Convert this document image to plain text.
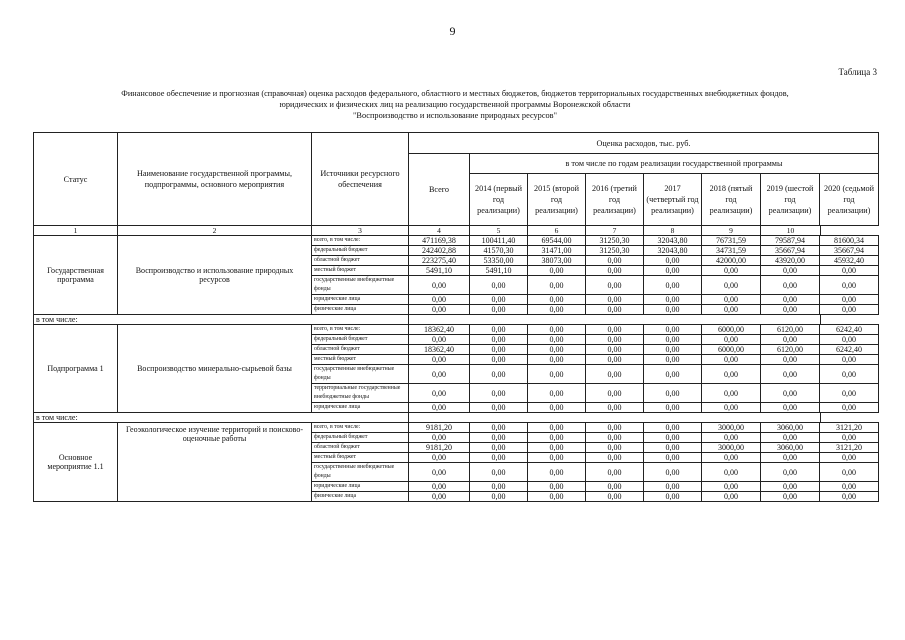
9
Таблица 3
Финансовое обеспечение и прогнозная (справочная) оценка расходов федерального, областного и местных бюджетов, бюджетов территориальных государственных внебюджетных фондов,
юридических и физических лиц на реализацию государственной программы Воронежской области
"Воспроизводство и использование природных ресурсов"
Статус	Наименование государственной программы, подпрограммы, основного мероприятия	Источники ресурсного обеспечения	Оценка расходов, тыс. руб.							
			Всего	в том числе по годам реализации государственной программы						
				2014 (первый год реализации)	2015 (второй год реализации)	2016 (третий год реализации)	2017 (четвертый год реализации)	2018 (пятый год реализации)	2019 (шестой год реализации)	2020 (седьмой год реализации)
1	2	3	4	5	6	7	8	9	10	
Государственная программа	Воспроизводство и использование природных ресурсов	всего, в том числе:	471169,38	100411,40	69544,00	31250,30	32043,80	76731,59	79587,94	81600,34
		федеральный бюджет	242402,88	41570,30	31471,00	31250,30	32043,80	34731,59	35667,94	35667,94
		областной бюджет	223275,40	53350,00	38073,00	0,00	0,00	42000,00	43920,00	45932,40
		местный бюджет	5491,10	5491,10	0,00	0,00	0,00	0,00	0,00	0,00
		государственные внебюджетные фонды	0,00	0,00	0,00	0,00	0,00	0,00	0,00	0,00
		юридические лица	0,00	0,00	0,00	0,00	0,00	0,00	0,00	0,00
		физические лица	0,00	0,00	0,00	0,00	0,00	0,00	0,00	0,00
в том числе:										
Подпрограмма 1	Воспроизводство минерально-сырьевой базы	всего, в том числе:	18362,40	0,00	0,00	0,00	0,00	6000,00	6120,00	6242,40
		федеральный бюджет	0,00	0,00	0,00	0,00	0,00	0,00	0,00	0,00
		областной бюджет	18362,40	0,00	0,00	0,00	0,00	6000,00	6120,00	6242,40
		местный бюджет	0,00	0,00	0,00	0,00	0,00	0,00	0,00	0,00
		государственные внебюджетные фонды	0,00	0,00	0,00	0,00	0,00	0,00	0,00	0,00
		территориальные государственные внебюджетные фонды	0,00	0,00	0,00	0,00	0,00	0,00	0,00	0,00
		юридические лица	0,00	0,00	0,00	0,00	0,00	0,00	0,00	0,00
в том числе:										
Основное мероприятие 1.1	Геоэкологическое изучение территорий и поисково-оценочные работы	всего, в том числе:	9181,20	0,00	0,00	0,00	0,00	3000,00	3060,00	3121,20
		федеральный бюджет	0,00	0,00	0,00	0,00	0,00	0,00	0,00	0,00
		областной бюджет	9181,20	0,00	0,00	0,00	0,00	3000,00	3060,00	3121,20
		местный бюджет	0,00	0,00	0,00	0,00	0,00	0,00	0,00	0,00
		государственные внебюджетные фонды	0,00	0,00	0,00	0,00	0,00	0,00	0,00	0,00
		юридические лица	0,00	0,00	0,00	0,00	0,00	0,00	0,00	0,00
		физические лица	0,00	0,00	0,00	0,00	0,00	0,00	0,00	0,00
